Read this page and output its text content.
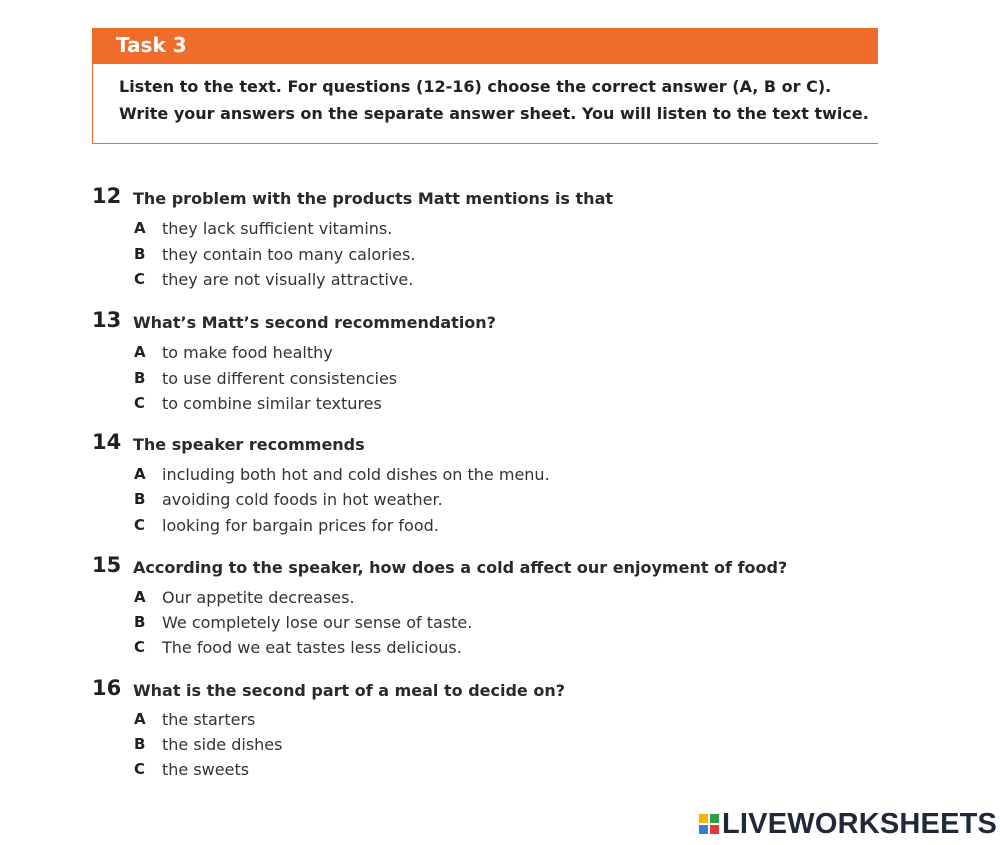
Task 3
Listen to the text. For questions (12-16) choose the correct answer (A, B or C).
Write your answers on the separate answer sheet. You will listen to the text twice.
12 The problem with the products Matt mentions is that
A	they lack sufficient vitamins.
B	they contain too many calories.
C	they are not visually attractive.
13 What’s Matt’s second recommendation?
A	to make food healthy
B	to use different consistencies
C	to combine similar textures
14 The speaker recommends
A	including both hot and cold dishes on the menu.
B	avoiding cold foods in hot weather.
C	looking for bargain prices for food.
15 According to the speaker, how does a cold affect our enjoyment of food?
A	Our appetite decreases.
B	We completely lose our sense of taste.
C	The food we eat tastes less delicious.
16 What is the second part of a meal to decide on?
A	the starters
B	the side dishes
C	the sweets
LIVEWORKSHEETS
